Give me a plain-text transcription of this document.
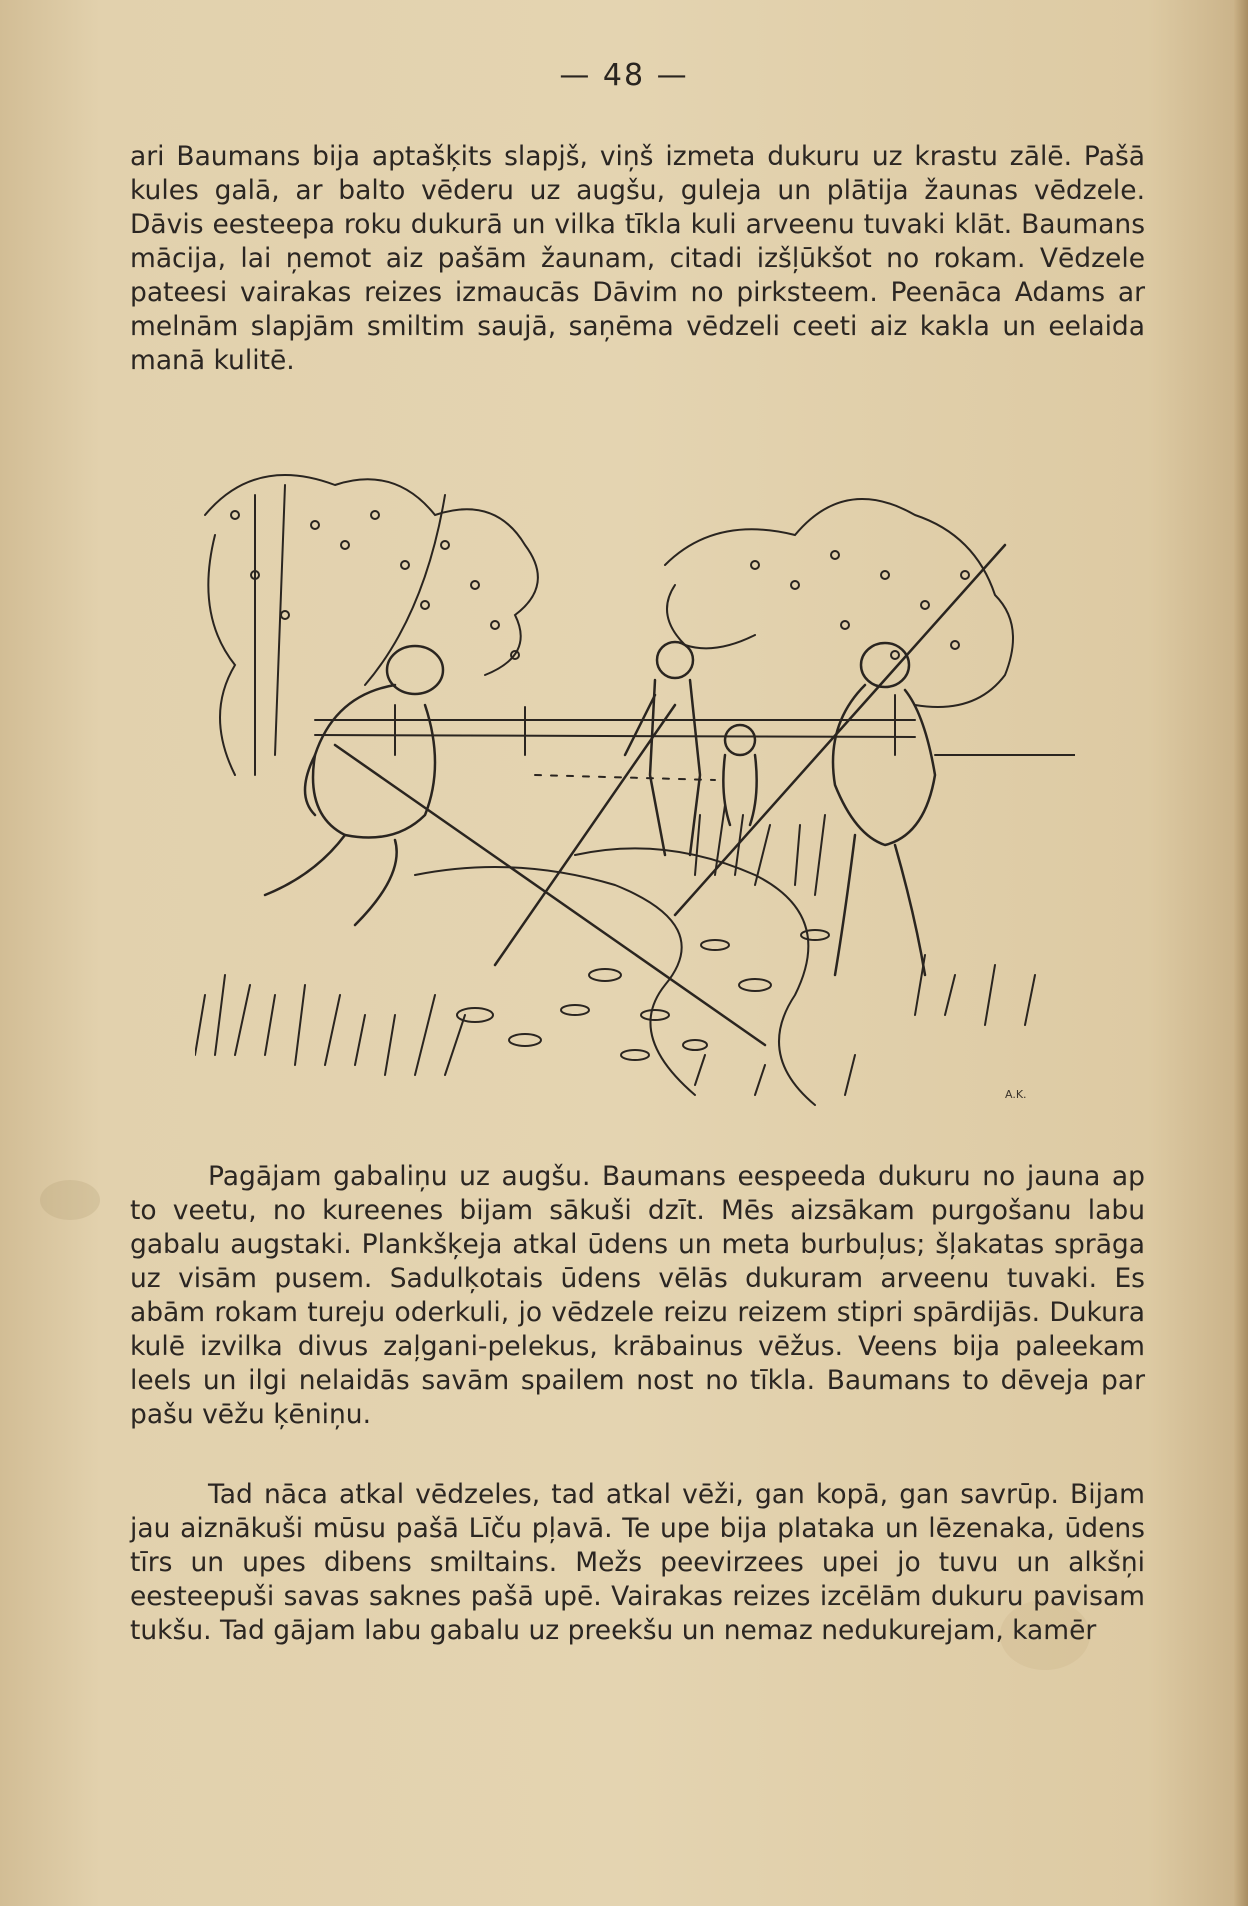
— 48 —

ari Baumans bija aptašķits slapjš, viņš izmeta dukuru uz krastu zālē. Pašā kules galā, ar balto vēderu uz augšu, guleja un plātija žaunas vēdzele. Dāvis eesteepa roku dukurā un vilka tīkla kuli arveenu tuvaki klāt. Baumans mācija, lai ņemot aiz pašām žaunam, citadi izšļūkšot no rokam. Vēdzele pateesi vairakas reizes izmaucās Dāvim no pirksteem. Peenāca Adams ar melnām slapjām smiltim saujā, saņēma vēdzeli ceeti aiz kakla un eelaida manā kulitē.

A.K.

Pagājam gabaliņu uz augšu. Baumans eespeeda dukuru no jauna ap to veetu, no kureenes bijam sākuši dzīt. Mēs aizsākam purgošanu labu gabalu augstaki. Plankšķeja atkal ūdens un meta burbuļus; šļakatas sprāga uz visām pusem. Sadulķotais ūdens vēlās dukuram arveenu tuvaki. Es abām rokam tureju oderkuli, jo vēdzele reizu reizem stipri spārdijās. Dukura kulē izvilka divus zaļgani-pelekus, krābainus vēžus. Veens bija paleekam leels un ilgi nelaidās savām spailem nost no tīkla. Baumans to dēveja par pašu vēžu ķēniņu.

Tad nāca atkal vēdzeles, tad atkal vēži, gan kopā, gan savrūp. Bijam jau aiznākuši mūsu pašā Līču pļavā. Te upe bija plataka un lēzenaka, ūdens tīrs un upes dibens smiltains. Mežs peevirzees upei jo tuvu un alkšņi eesteepuši savas saknes pašā upē. Vairakas reizes izcēlām dukuru pavisam tukšu. Tad gājam labu gabalu uz preekšu un nemaz nedukurejam, kamēr
